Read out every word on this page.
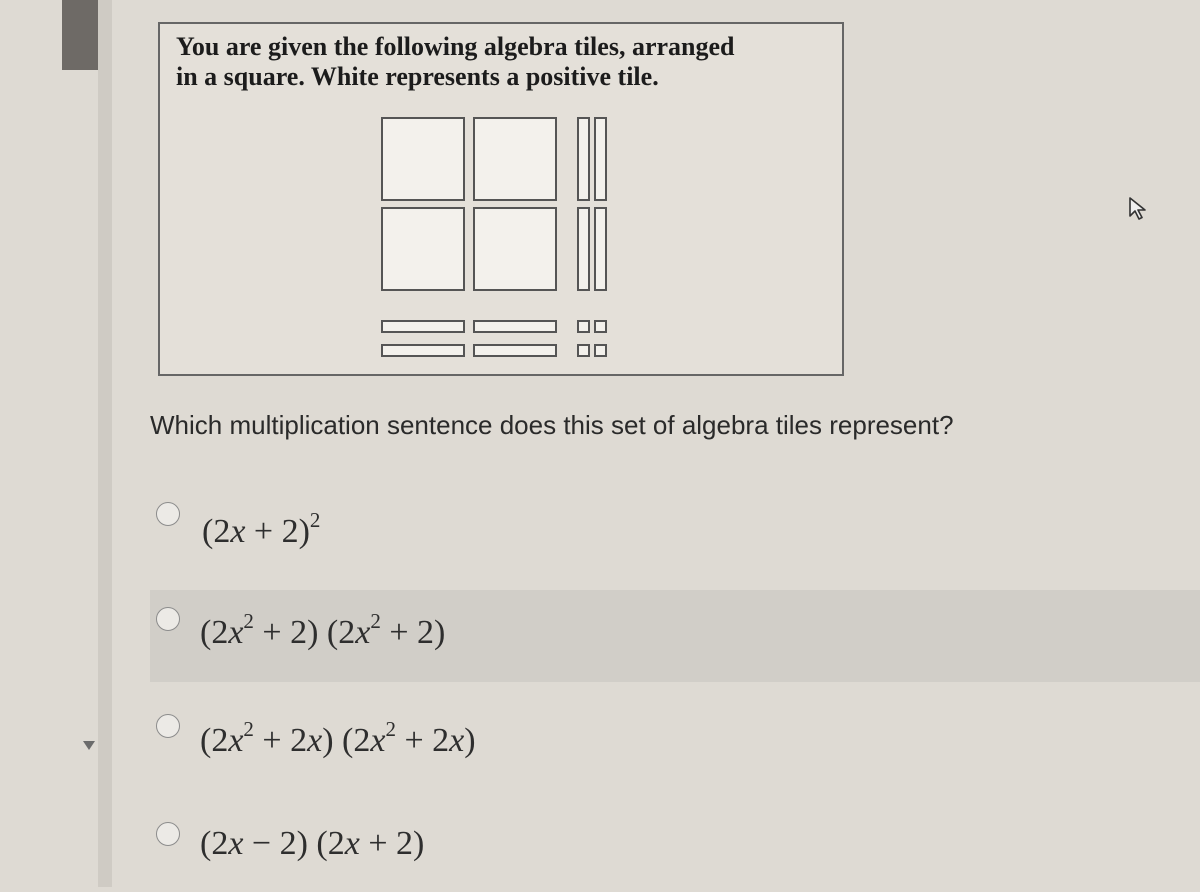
You are given the following algebra tiles, arranged
in a square. White represents a positive tile.

Which multiplication sentence does this set of algebra tiles represent?

$(2x + 2)^2$
$(2x^2 + 2) (2x^2 + 2)$
$(2x^2 + 2x) (2x^2 + 2x)$
(2x − 2) (2x + 2)
